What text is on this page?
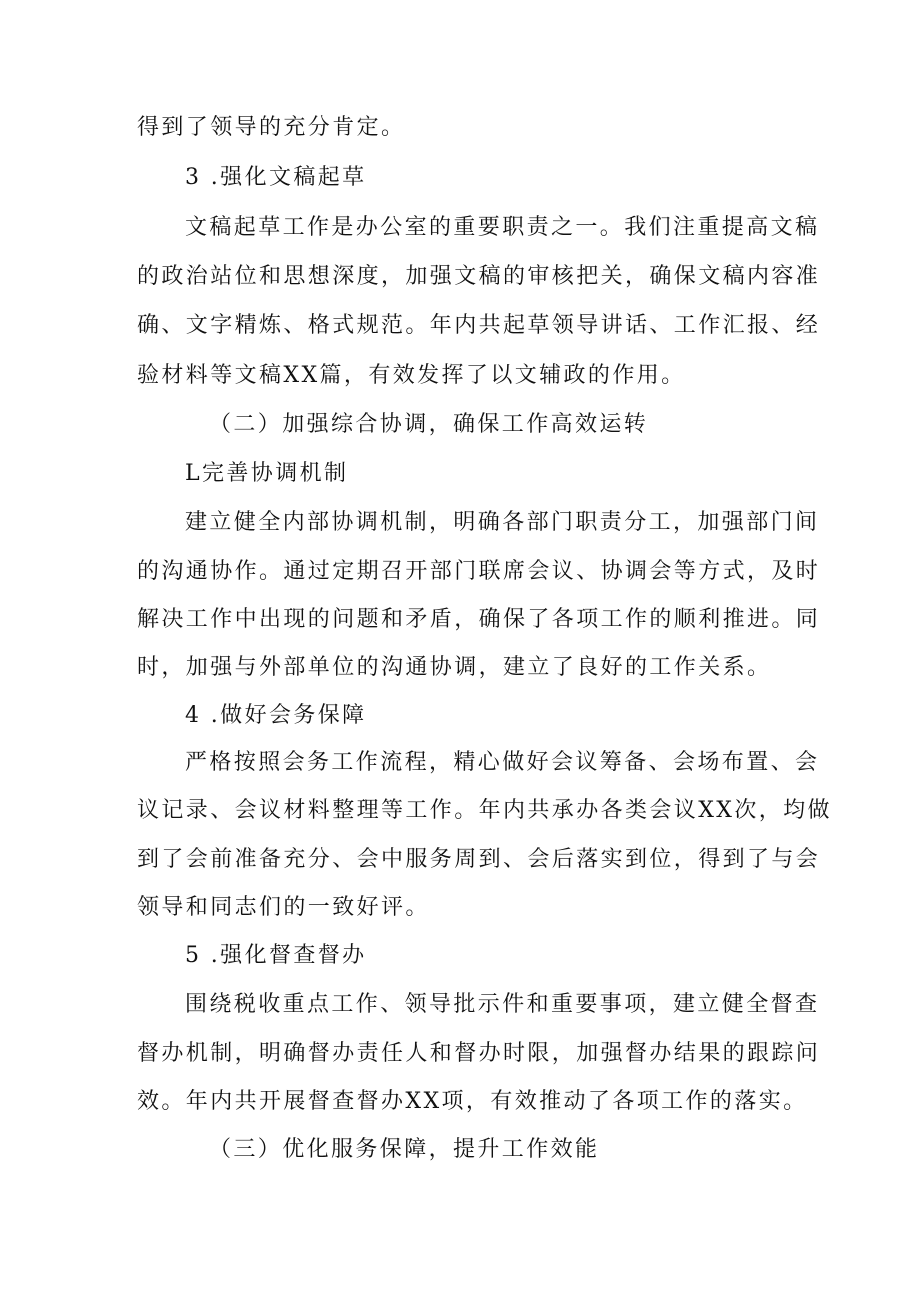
得到了领导的充分肯定。
3 .强化文稿起草
文稿起草工作是办公室的重要职责之一。我们注重提高文稿
的政治站位和思想深度，加强文稿的审核把关，确保文稿内容准
确、文字精炼、格式规范。年内共起草领导讲话、工作汇报、经
验材料等文稿XX篇，有效发挥了以文辅政的作用。
（二）加强综合协调，确保工作高效运转
L完善协调机制
建立健全内部协调机制，明确各部门职责分工，加强部门间
的沟通协作。通过定期召开部门联席会议、协调会等方式，及时
解决工作中出现的问题和矛盾，确保了各项工作的顺利推进。同
时，加强与外部单位的沟通协调，建立了良好的工作关系。
4 .做好会务保障
严格按照会务工作流程，精心做好会议筹备、会场布置、会
议记录、会议材料整理等工作。年内共承办各类会议XX次，均做
到了会前准备充分、会中服务周到、会后落实到位，得到了与会
领导和同志们的一致好评。
5 .强化督查督办
围绕税收重点工作、领导批示件和重要事项，建立健全督查
督办机制，明确督办责任人和督办时限，加强督办结果的跟踪问
效。年内共开展督查督办XX项，有效推动了各项工作的落实。
（三）优化服务保障，提升工作效能
